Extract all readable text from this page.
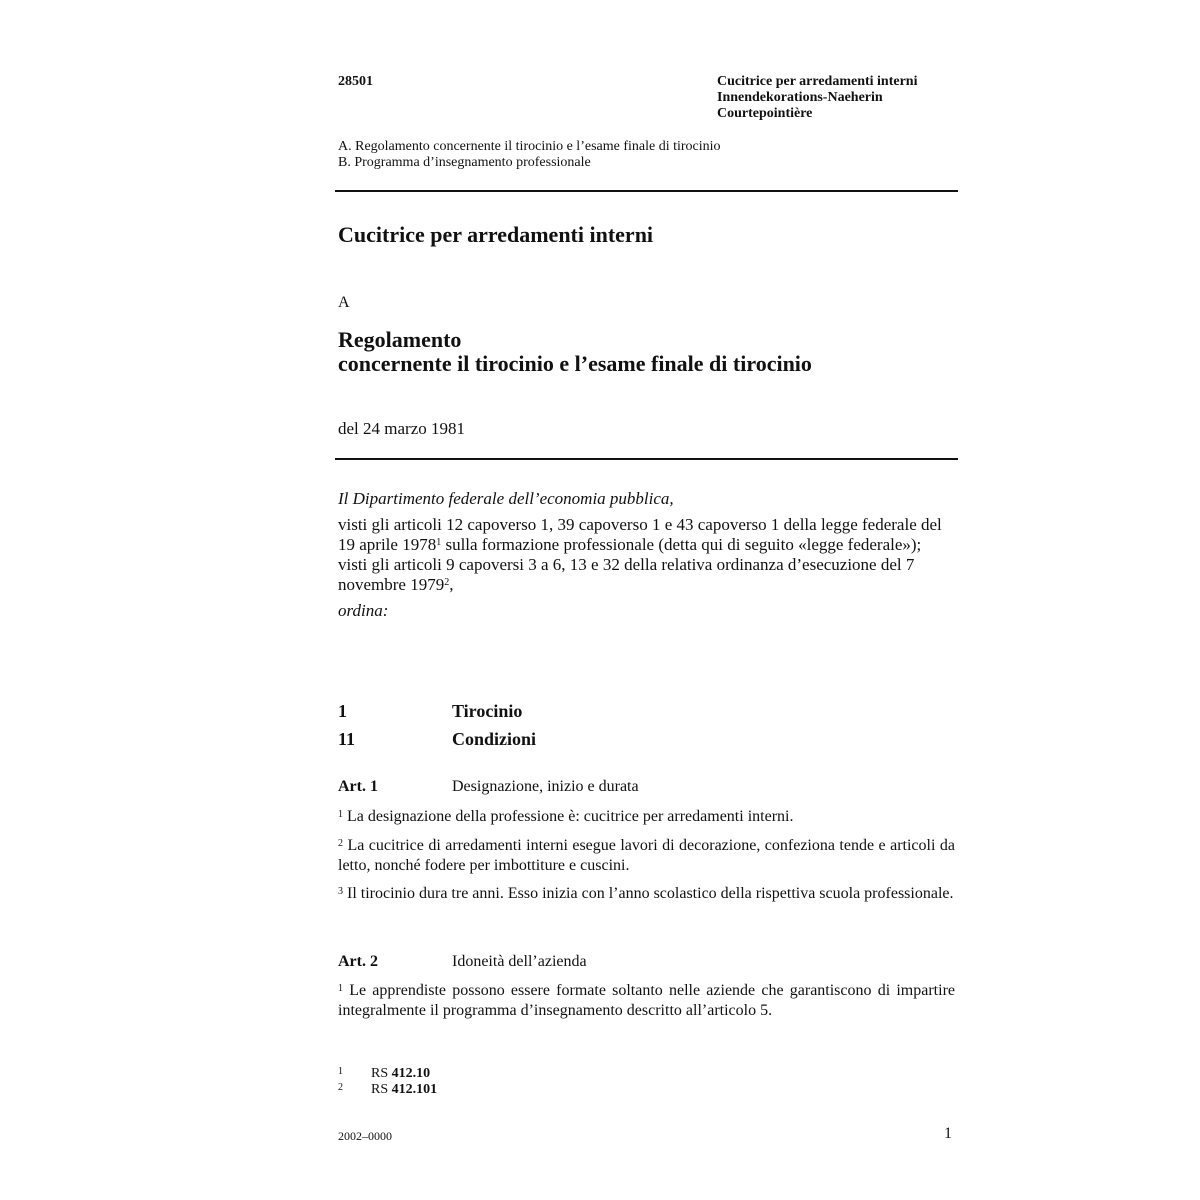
28501	Cucitrice per arredamenti interni
Innendekorations-Naeherin
Courtepointière
A. Regolamento concernente il tirocinio e l’esame finale di tirocinio
B. Programma d’insegnamento professionale
Cucitrice per arredamenti interni
A
Regolamento
concernente il tirocinio e l’esame finale di tirocinio
del 24 marzo 1981
Il Dipartimento federale dell’economia pubblica,
visti gli articoli 12 capoverso 1, 39 capoverso 1 e 43 capoverso 1 della legge federale del 19 aprile 1978$^1$ sulla formazione professionale (detta qui di seguito «legge federale»);
visti gli articoli 9 capoversi 3 a 6, 13 e 32 della relativa ordinanza d’esecuzione del 7 novembre 1979$^2$,
ordina:
1	Tirocinio
11	Condizioni
Art. 1	Designazione, inizio e durata
$^1$ La designazione della professione è: cucitrice per arredamenti interni.
$^2$ La cucitrice di arredamenti interni esegue lavori di decorazione, confeziona tende e articoli da letto, nonché fodere per imbottiture e cuscini.
$^3$ Il tirocinio dura tre anni. Esso inizia con l’anno scolastico della rispettiva scuola professionale.
Art. 2	Idoneità dell’azienda
$^1$ Le apprendiste possono essere formate soltanto nelle aziende che garantiscono di impartire integralmente il programma d’insegnamento descritto all’articolo 5.
1 RS 412.10
2 RS 412.101
2002–0000	1
